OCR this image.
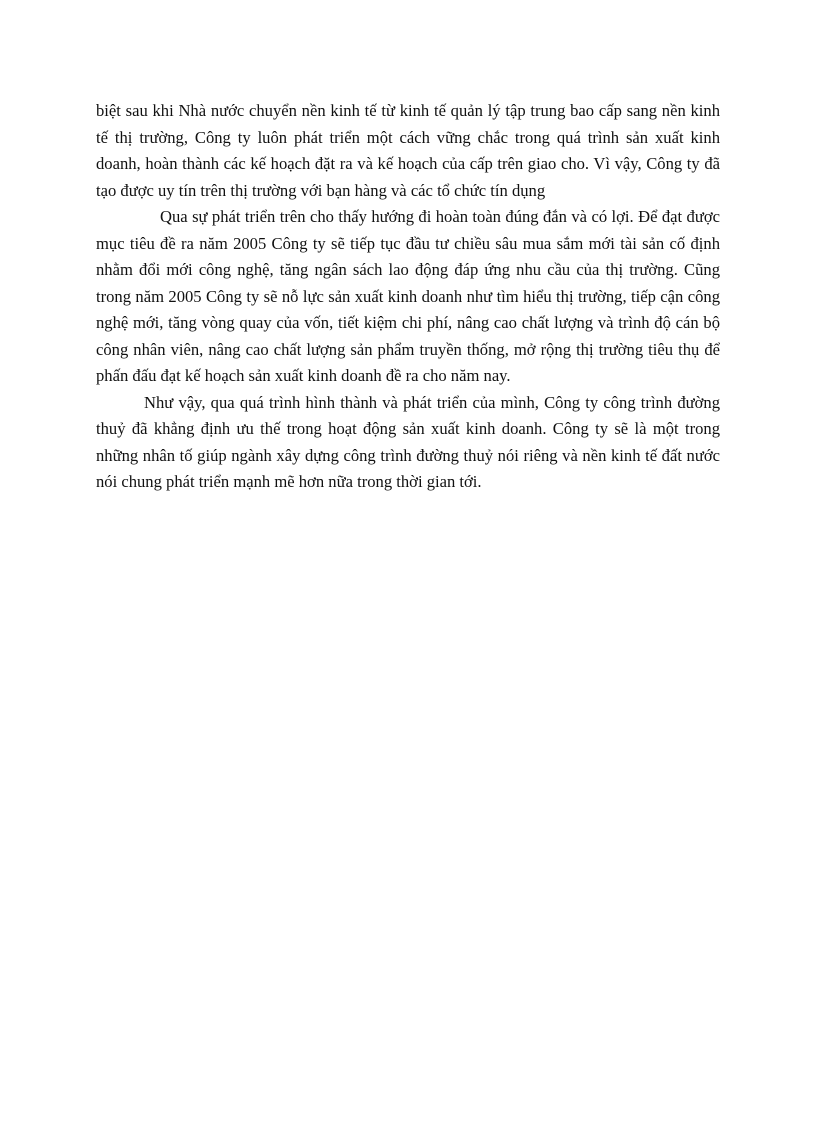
biệt sau khi Nhà nước chuyển nền kinh tế từ kinh tế quản lý tập trung bao cấp sang nền kinh tế thị trường, Công ty luôn phát triển một cách vững chắc trong quá trình sản xuất kinh doanh, hoàn thành các kế hoạch đặt ra và kế hoạch của cấp trên giao cho. Vì vậy, Công ty đã tạo được uy tín trên thị trường với bạn hàng và các tổ chức tín dụng

Qua sự phát triển trên cho thấy hướng đi hoàn toàn đúng đắn và có lợi. Để đạt được mục tiêu đề ra năm 2005 Công ty sẽ tiếp tục đầu tư chiều sâu mua sắm mới tài sản cố định nhằm đổi mới công nghệ, tăng ngân sách lao động đáp ứng nhu cầu của thị trường. Cũng trong năm 2005 Công ty sẽ nỗ lực sản xuất kinh doanh như tìm hiểu thị trường, tiếp cận công nghệ mới, tăng vòng quay của vốn, tiết kiệm chi phí, nâng cao chất lượng và trình độ cán bộ công nhân viên, nâng cao chất lượng sản phẩm truyền thống, mở rộng thị trường tiêu thụ để phấn đấu đạt kế hoạch sản xuất kinh doanh đề ra cho năm nay.

Như vậy, qua quá trình hình thành và phát triển của mình, Công ty công trình đường thuỷ đã khẳng định ưu thế trong hoạt động sản xuất kinh doanh. Công ty sẽ là một trong những nhân tố giúp ngành xây dựng công trình đường thuỷ nói riêng và nền kinh tế đất nước nói chung phát triển mạnh mẽ hơn nữa trong thời gian tới.
